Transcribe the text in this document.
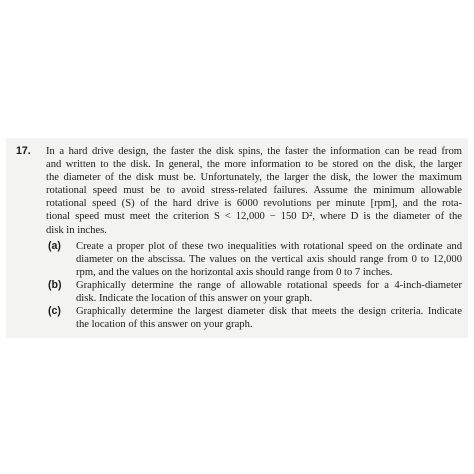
17. In a hard drive design, the faster the disk spins, the faster the information can be read from
and written to the disk. In general, the more information to be stored on the disk, the larger
the diameter of the disk must be. Unfortunately, the larger the disk, the lower the maximum
rotational speed must be to avoid stress-related failures. Assume the minimum allowable
rotational speed (S) of the hard drive is 6000 revolutions per minute [rpm], and the rota-
tional speed must meet the criterion S < 12,000 − 150 D², where D is the diameter of the
disk in inches.
(a) Create a proper plot of these two inequalities with rotational speed on the ordinate and
diameter on the abscissa. The values on the vertical axis should range from 0 to 12,000
rpm, and the values on the horizontal axis should range from 0 to 7 inches.
(b) Graphically determine the range of allowable rotational speeds for a 4-inch-diameter
disk. Indicate the location of this answer on your graph.
(c) Graphically determine the largest diameter disk that meets the design criteria. Indicate
the location of this answer on your graph.
